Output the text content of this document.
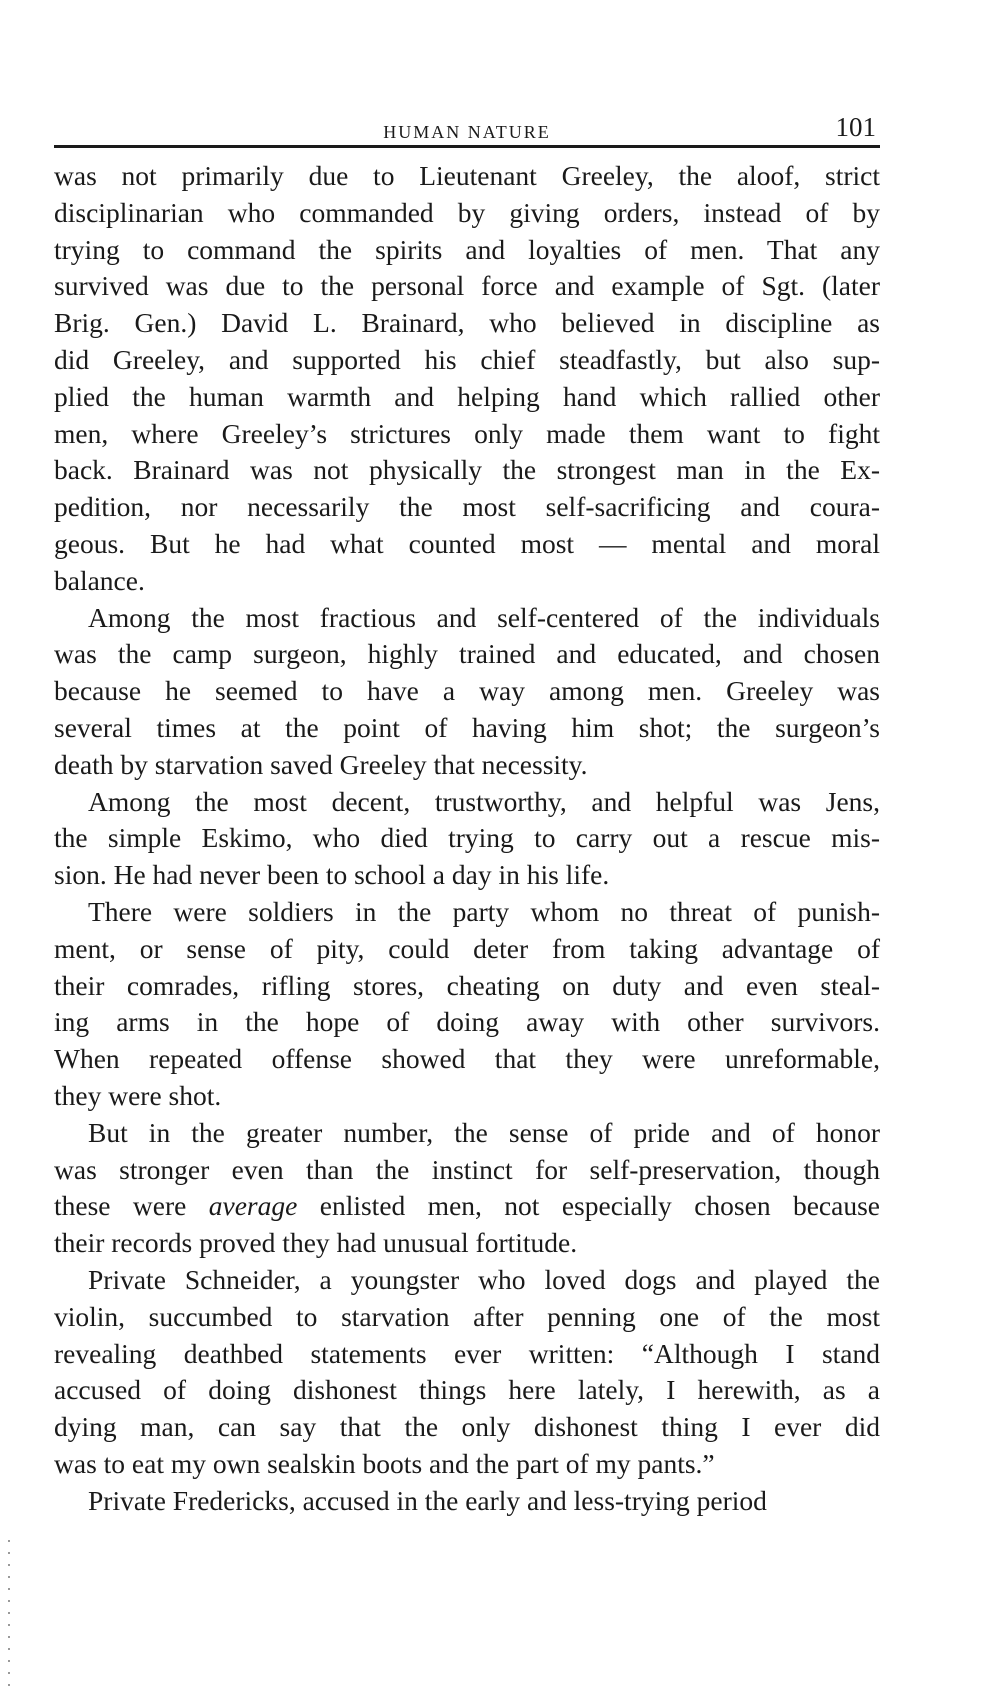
HUMAN NATURE	101

was not primarily due to Lieutenant Greeley, the aloof, strict
disciplinarian who commanded by giving orders, instead of by
trying to command the spirits and loyalties of men. That any
survived was due to the personal force and example of Sgt. (later
Brig. Gen.) David L. Brainard, who believed in discipline as
did Greeley, and supported his chief steadfastly, but also sup-
plied the human warmth and helping hand which rallied other
men, where Greeley’s strictures only made them want to fight
back. Brainard was not physically the strongest man in the Ex-
pedition, nor necessarily the most self-sacrificing and coura-
geous. But he had what counted most — mental and moral
balance.

Among the most fractious and self-centered of the individuals
was the camp surgeon, highly trained and educated, and chosen
because he seemed to have a way among men. Greeley was
several times at the point of having him shot; the surgeon’s
death by starvation saved Greeley that necessity.

Among the most decent, trustworthy, and helpful was Jens,
the simple Eskimo, who died trying to carry out a rescue mis-
sion. He had never been to school a day in his life.

There were soldiers in the party whom no threat of punish-
ment, or sense of pity, could deter from taking advantage of
their comrades, rifling stores, cheating on duty and even steal-
ing arms in the hope of doing away with other survivors.
When repeated offense showed that they were unreformable,
they were shot.

But in the greater number, the sense of pride and of honor
was stronger even than the instinct for self-preservation, though
these were average enlisted men, not especially chosen because
their records proved they had unusual fortitude.

Private Schneider, a youngster who loved dogs and played the
violin, succumbed to starvation after penning one of the most
revealing deathbed statements ever written: “Although I stand
accused of doing dishonest things here lately, I herewith, as a
dying man, can say that the only dishonest thing I ever did
was to eat my own sealskin boots and the part of my pants.”

Private Fredericks, accused in the early and less-trying period
